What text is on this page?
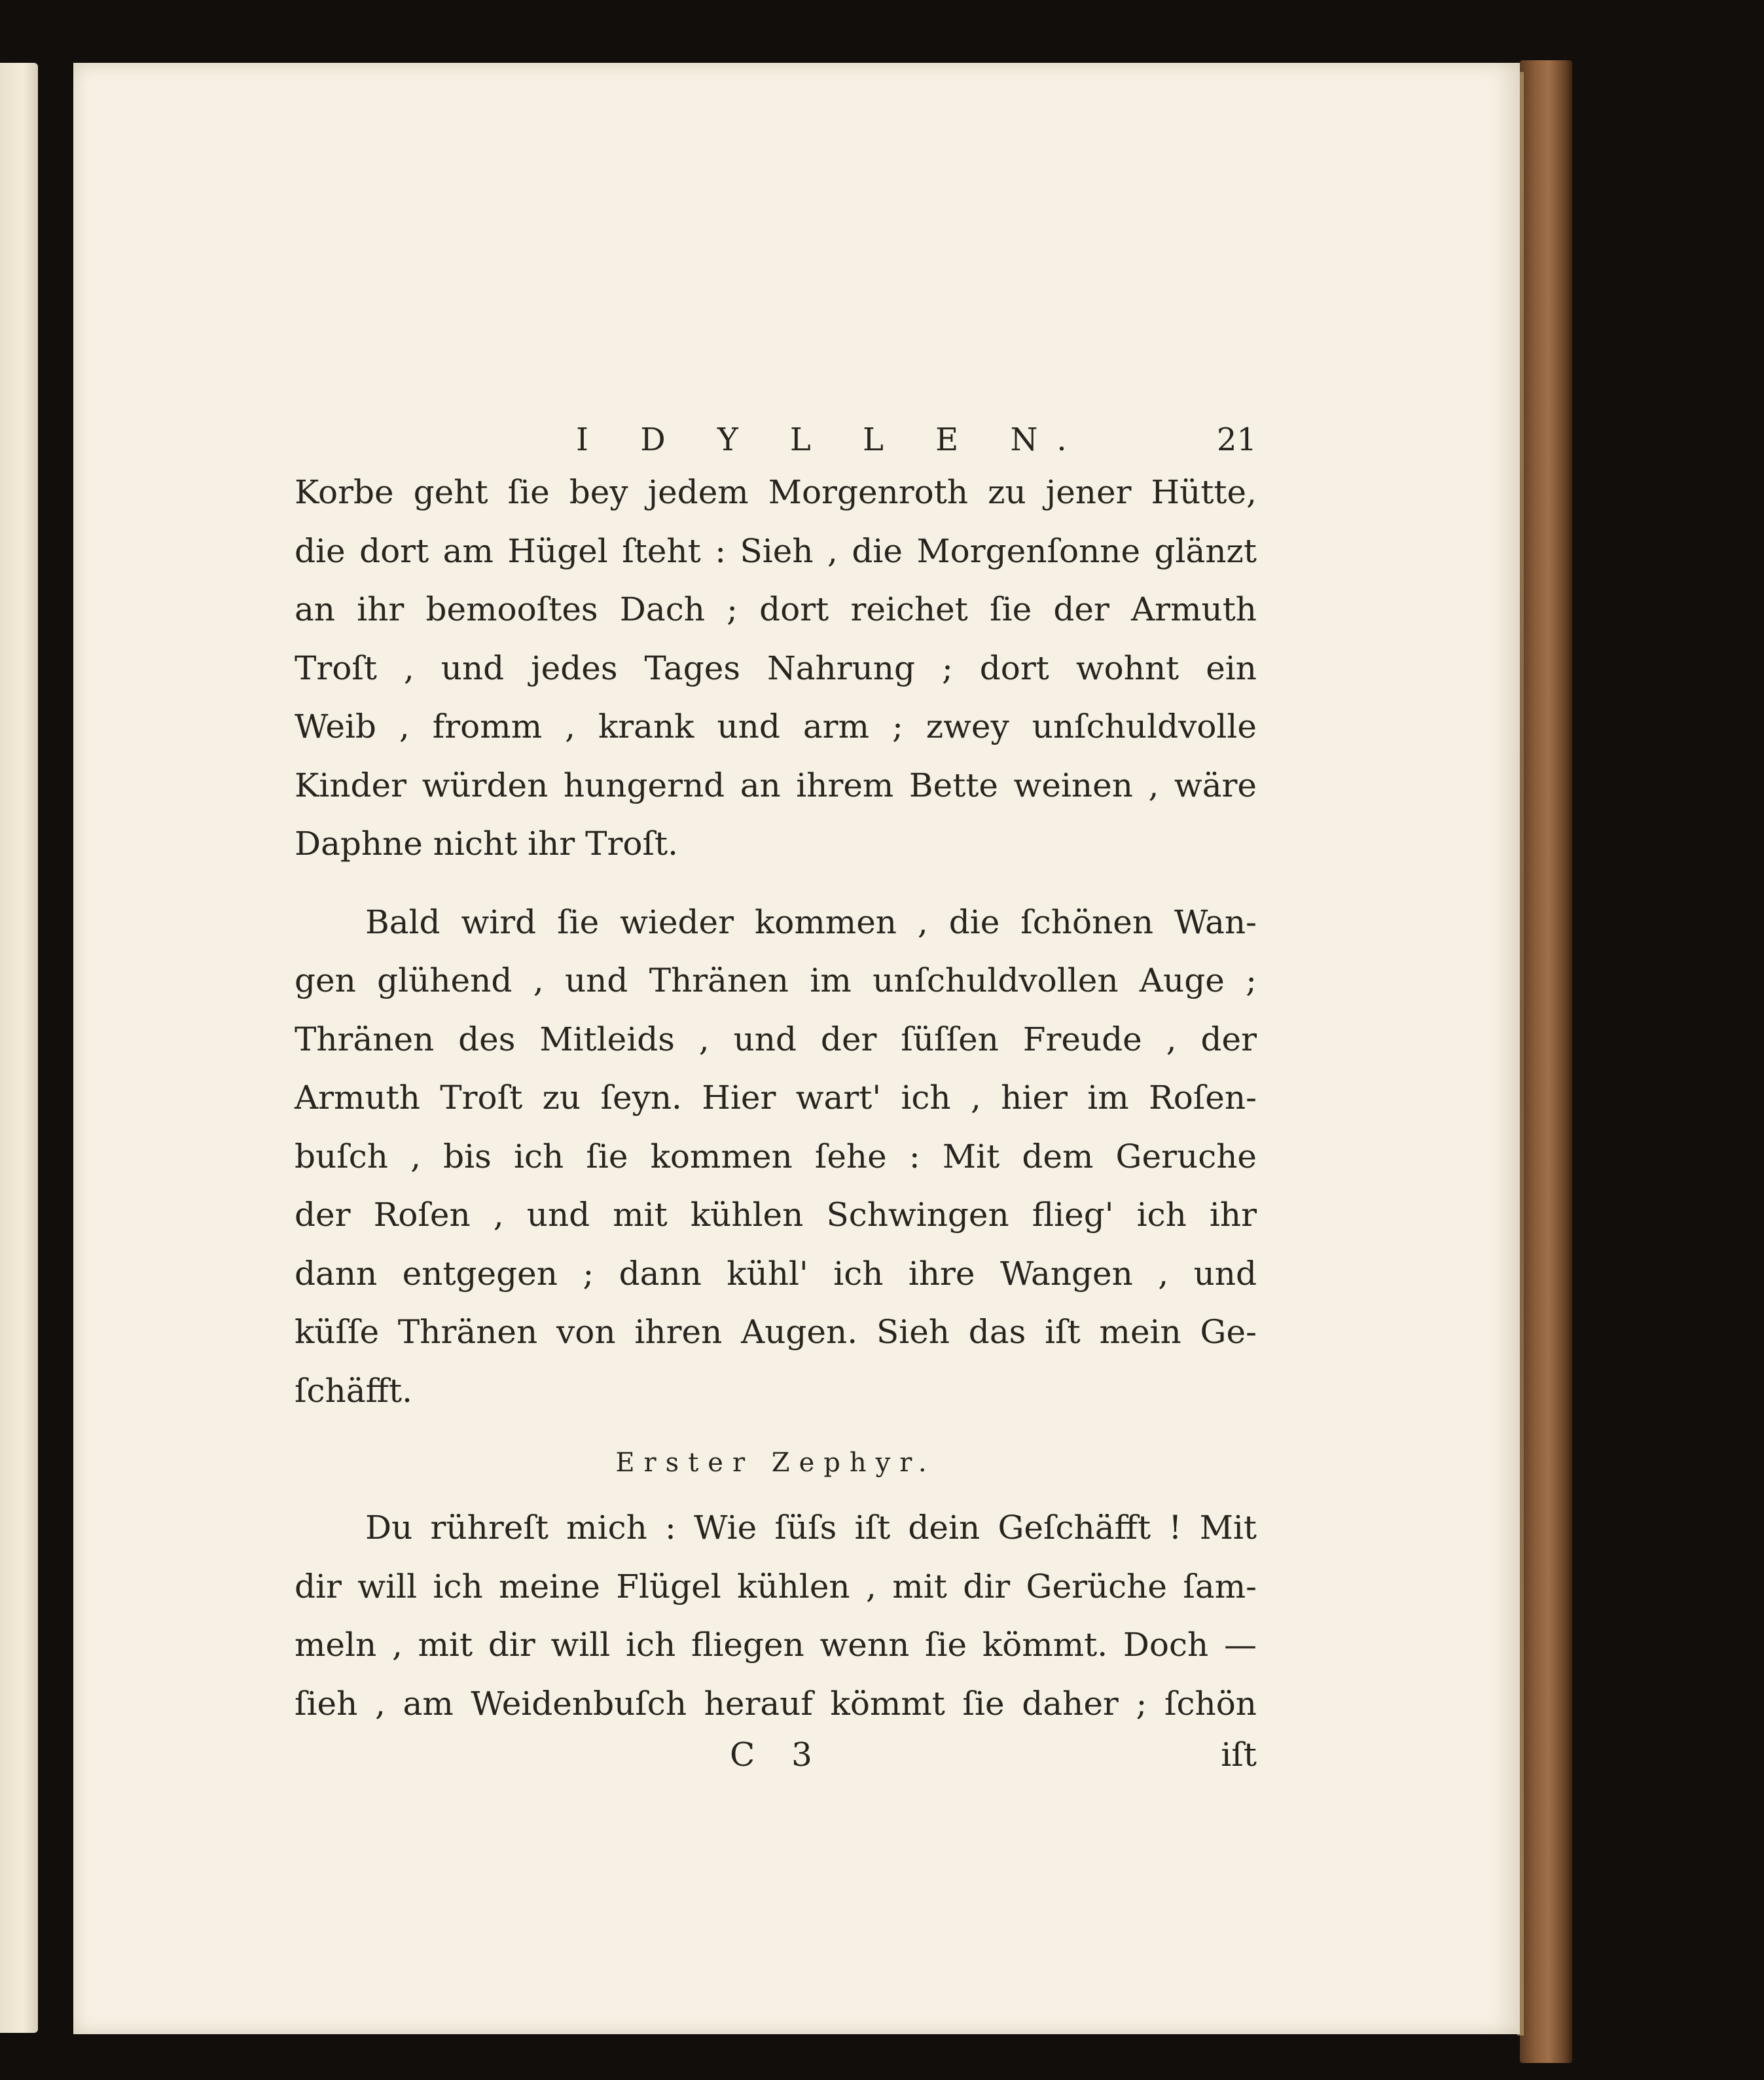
I D Y L L E N.	21

Korbe geht ſie bey jedem Morgenroth zu jener Hütte,
die dort am Hügel ſteht : Sieh , die Morgenſonne glänzt
an ihr bemooſtes Dach ; dort reichet ſie der Armuth
Troſt , und jedes Tages Nahrung ; dort wohnt ein
Weib , fromm , krank und arm ; zwey unſchuldvolle
Kinder würden hungernd an ihrem Bette weinen , wäre
Daphne nicht ihr Troſt.

Bald wird ſie wieder kommen , die ſchönen Wan-
gen glühend , und Thränen im unſchuldvollen Auge ;
Thränen des Mitleids , und der ſüſſen Freude , der
Armuth Troſt zu ſeyn. Hier wart' ich , hier im Roſen-
buſch , bis ich ſie kommen ſehe : Mit dem Geruche
der Roſen , und mit kühlen Schwingen flieg' ich ihr
dann entgegen ; dann kühl' ich ihre Wangen , und
küſſe Thränen von ihren Augen. Sieh das iſt mein Ge-
ſchäfft.

Erster Zephyr.

Du rühreſt mich : Wie ſüſs iſt dein Geſchäfft ! Mit
dir will ich meine Flügel kühlen , mit dir Gerüche ſam-
meln , mit dir will ich fliegen wenn ſie kömmt. Doch —
ſieh , am Weidenbuſch herauf kömmt ſie daher ; ſchön

C 3	iſt
